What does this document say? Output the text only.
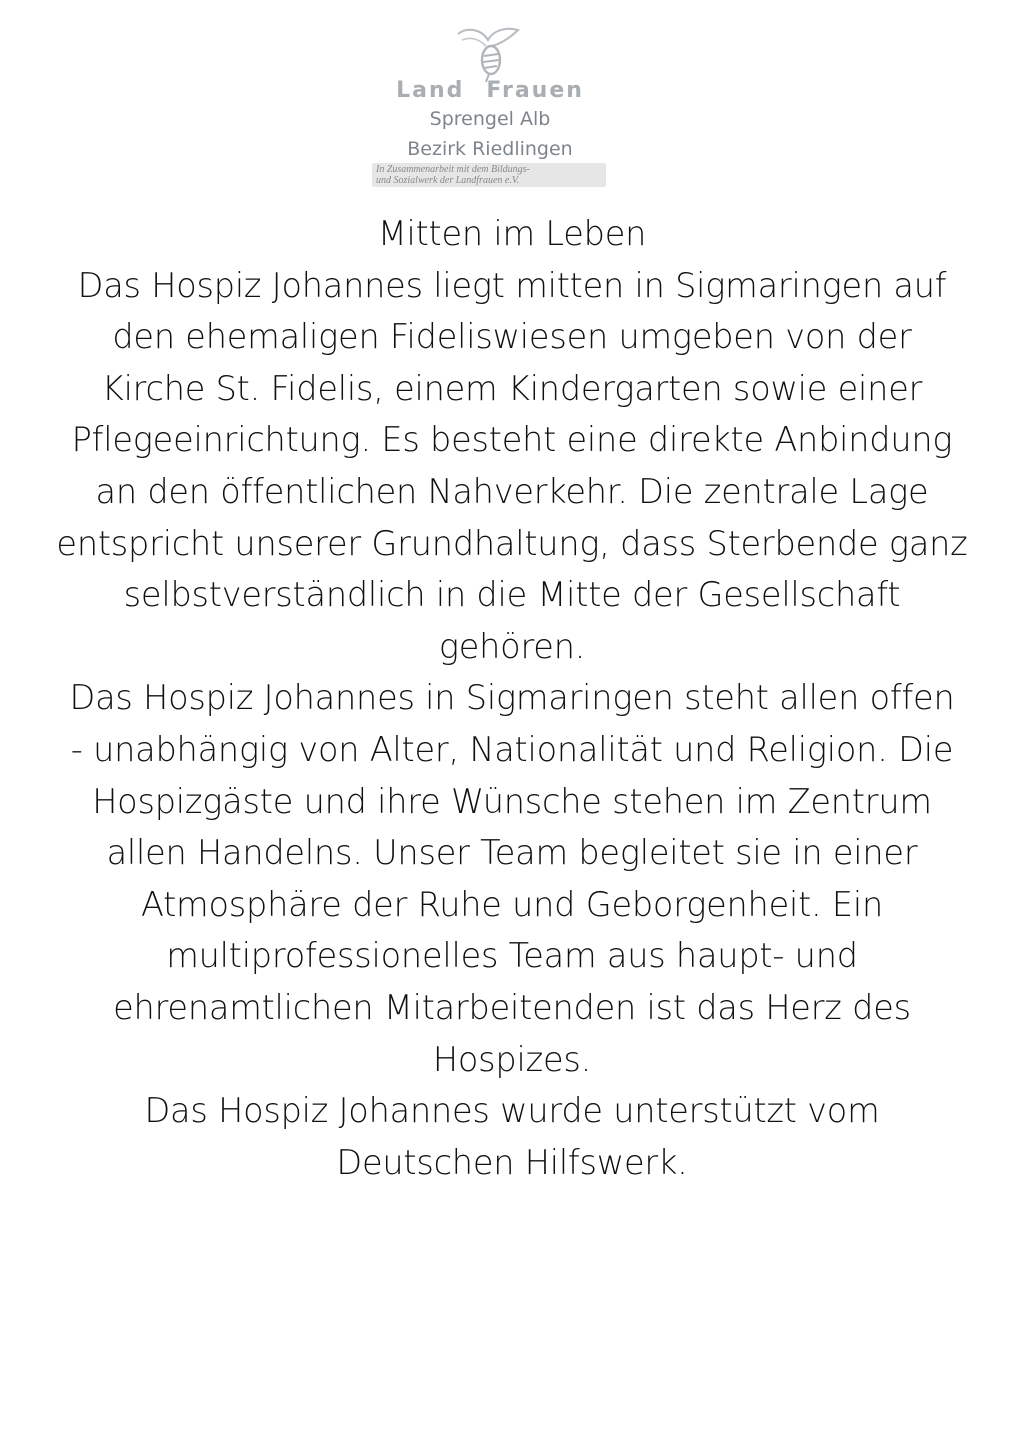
Land Frauen
Sprengel Alb
Bezirk Riedlingen
In Zusammenarbeit mit dem Bildungs-
und Sozialwerk der Landfrauen e.V.
Mitten im Leben
Das Hospiz Johannes liegt mitten in Sigmaringen auf
den ehemaligen Fideliswiesen umgeben von der
Kirche St. Fidelis, einem Kindergarten sowie einer
Pflegeeinrichtung. Es besteht eine direkte Anbindung
an den öffentlichen Nahverkehr. Die zentrale Lage
entspricht unserer Grundhaltung, dass Sterbende ganz
selbstverständlich in die Mitte der Gesellschaft
gehören.
Das Hospiz Johannes in Sigmaringen steht allen offen
- unabhängig von Alter, Nationalität und Religion. Die
Hospizgäste und ihre Wünsche stehen im Zentrum
allen Handelns. Unser Team begleitet sie in einer
Atmosphäre der Ruhe und Geborgenheit. Ein
multiprofessionelles Team aus haupt- und
ehrenamtlichen Mitarbeitenden ist das Herz des
Hospizes.
Das Hospiz Johannes wurde unterstützt vom
Deutschen Hilfswerk.
